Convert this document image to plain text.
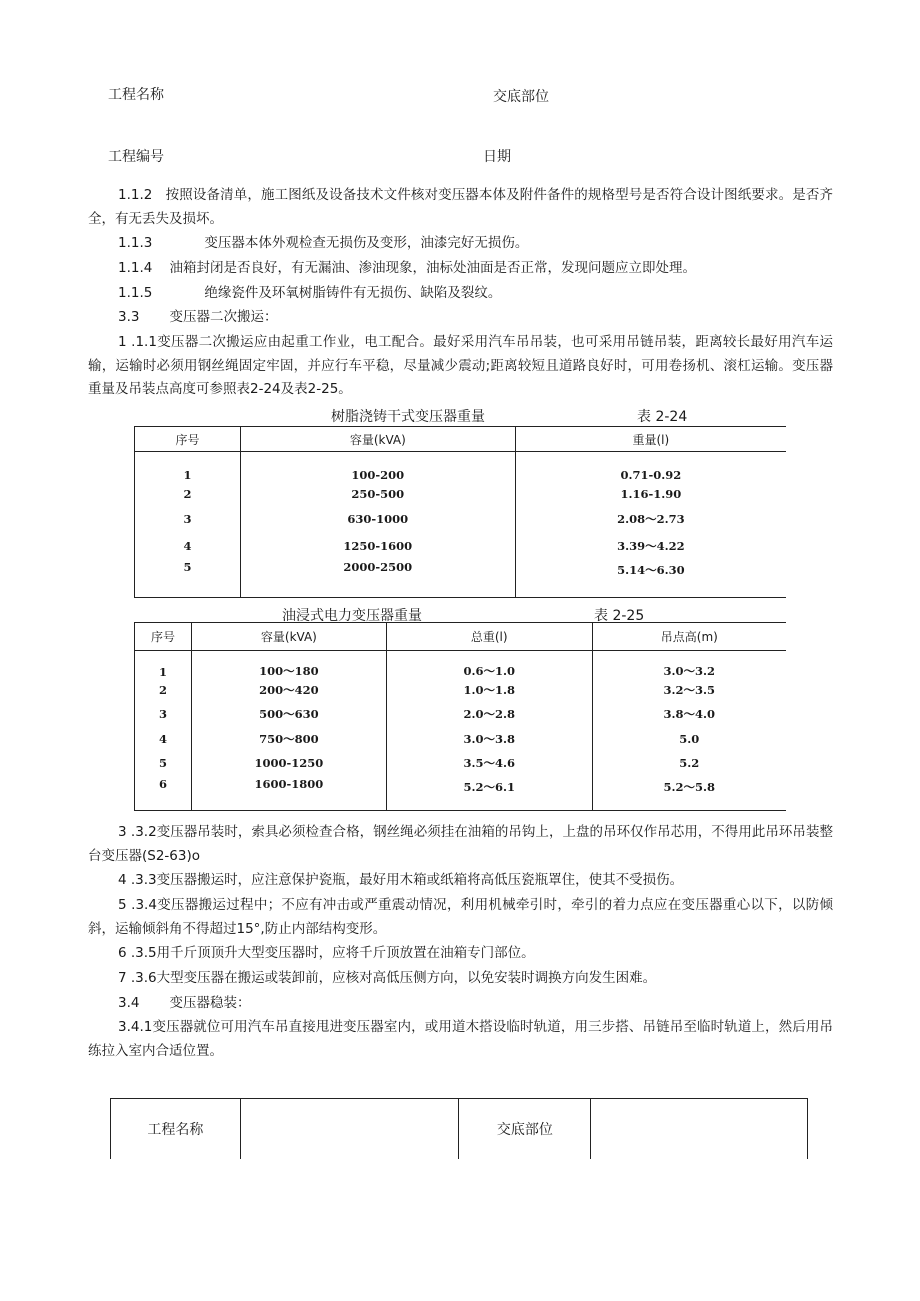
工程名称	交底部位
工程编号	日期
1.1.2 按照设备清单，施工图纸及设备技术文件核对变压器本体及附件备件的规格型号是否符合设计图纸要求。是否齐全，有无丢失及损坏。
1.1.3	变压器本体外观检查无损伤及变形，油漆完好无损伤。
1.1.4 油箱封闭是否良好，有无漏油、渗油现象，油标处油面是否正常，发现问题应立即处理。
1.1.5	绝缘瓷件及环氧树脂铸件有无损伤、缺陷及裂纹。
3.3 变压器二次搬运：
1 .1.1变压器二次搬运应由起重工作业，电工配合。最好采用汽车吊吊装，也可采用吊链吊装，距离较长最好用汽车运输，运输时必须用钢丝绳固定牢固，并应行车平稳，尽量减少震动;距离较短且道路良好时，可用卷扬机、滚杠运输。变压器重量及吊装点高度可参照表2-24及表2-25。
树脂浇铸干式变压器重量	表 2-24
序号	容量(kVA)	重量(l)
1	100-200	0.71-0.92
2	250-500	1.16-1.90
3	630-1000	2.08～2.73
4	1250-1600	3.39～4.22
5	2000-2500	5.14～6.30
油浸式电力变压器重量	表 2-25
序号	容量(kVA)	总重(l)	吊点高(m)
1	100～180	0.6～1.0	3.0～3.2
2	200～420	1.0～1.8	3.2～3.5
3	500～630	2.0～2.8	3.8～4.0
4	750～800	3.0～3.8	5.0
5	1000-1250	3.5～4.6	5.2
6	1600-1800	5.2～6.1	5.2～5.8
3 .3.2变压器吊装时，索具必须检查合格，钢丝绳必须挂在油箱的吊钩上，上盘的吊环仅作吊芯用，不得用此吊环吊装整台变压器(S2-63)o
4 .3.3变压器搬运时，应注意保护瓷瓶，最好用木箱或纸箱将高低压瓷瓶罩住，使其不受损伤。
5 .3.4变压器搬运过程中；不应有冲击或严重震动情况，利用机械牵引时，牵引的着力点应在变压器重心以下，以防倾斜，运输倾斜角不得超过15°,防止内部结构变形。
6 .3.5用千斤顶顶升大型变压器时，应将千斤顶放置在油箱专门部位。
7 .3.6大型变压器在搬运或装卸前，应核对高低压侧方向，以免安装时调换方向发生困难。
3.4 变压器稳装：
3.4.1变压器就位可用汽车吊直接甩进变压器室内，或用道木搭设临时轨道，用三步搭、吊链吊至临时轨道上，然后用吊练拉入室内合适位置。
工程名称		交底部位	
